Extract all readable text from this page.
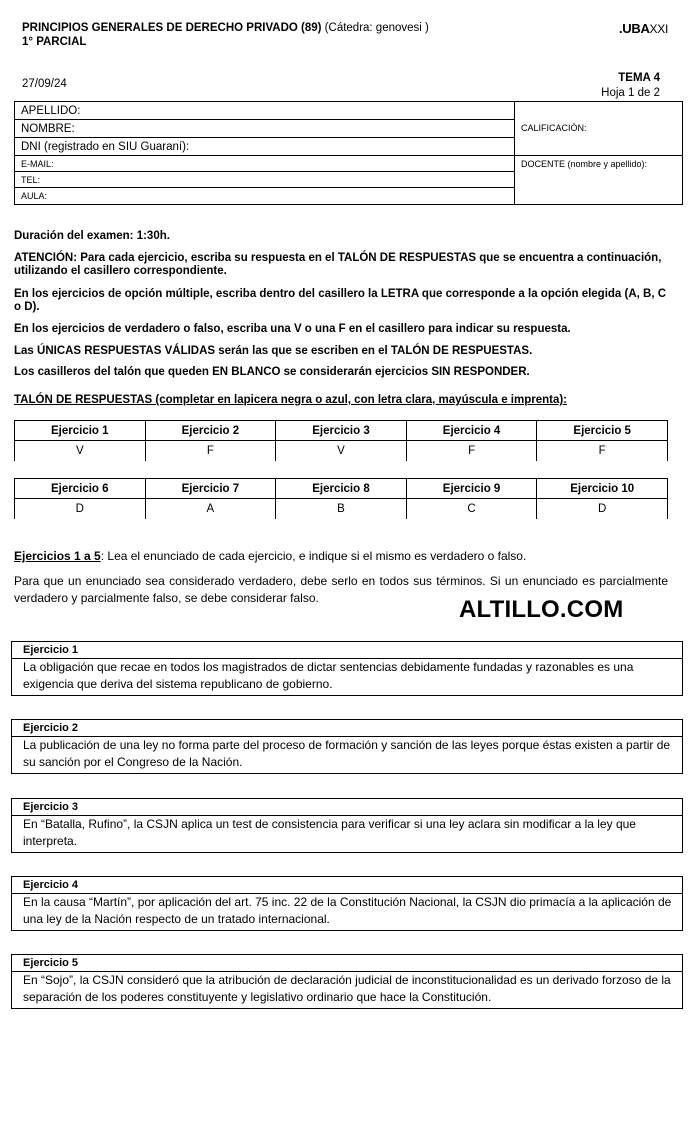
PRINCIPIOS GENERALES DE DERECHO PRIVADO (89) (Cátedra: genovesi )
1° PARCIAL
.UBAXXI
27/09/24	TEMA 4
Hoja 1 de 2
APELLIDO:
NOMBRE:
DNI (registrado en SIU Guaraní):
E-MAIL:
TEL:
AULA:
CALIFICACIÓN:
DOCENTE (nombre y apellido):
Duración del examen: 1:30h.
ATENCIÓN: Para cada ejercicio, escriba su respuesta en el TALÓN DE RESPUESTAS que se encuentra a continuación, utilizando el casillero correspondiente.
En los ejercicios de opción múltiple, escriba dentro del casillero la LETRA que corresponde a la opción elegida (A, B, C o D).
En los ejercicios de verdadero o falso, escriba una V o una F en el casillero para indicar su respuesta.
Las ÚNICAS RESPUESTAS VÁLIDAS serán las que se escriben en el TALÓN DE RESPUESTAS.
Los casilleros del talón que queden EN BLANCO se considerarán ejercicios SIN RESPONDER.
TALÓN DE RESPUESTAS (completar en lapicera negra o azul, con letra clara, mayúscula e imprenta):
Ejercicio 1	Ejercicio 2	Ejercicio 3	Ejercicio 4	Ejercicio 5
V	F	V	F	F
Ejercicio 6	Ejercicio 7	Ejercicio 8	Ejercicio 9	Ejercicio 10
D	A	B	C	D
Ejercicios 1 a 5: Lea el enunciado de cada ejercicio, e indique si el mismo es verdadero o falso.
Para que un enunciado sea considerado verdadero, debe serlo en todos sus términos. Si un enunciado es parcialmente verdadero y parcialmente falso, se debe considerar falso.	ALTILLO.COM
Ejercicio 1
La obligación que recae en todos los magistrados de dictar sentencias debidamente fundadas y razonables es una exigencia que deriva del sistema republicano de gobierno.
Ejercicio 2
La publicación de una ley no forma parte del proceso de formación y sanción de las leyes porque éstas existen a partir de su sanción por el Congreso de la Nación.
Ejercicio 3
En “Batalla, Rufino”, la CSJN aplica un test de consistencia para verificar si una ley aclara sin modificar a la ley que interpreta.
Ejercicio 4
En la causa “Martín”, por aplicación del art. 75 inc. 22 de la Constitución Nacional, la CSJN dio primacía a la aplicación de una ley de la Nación respecto de un tratado internacional.
Ejercicio 5
En “Sojo”, la CSJN consideró que la atribución de declaración judicial de inconstitucionalidad es un derivado forzoso de la separación de los poderes constituyente y legislativo ordinario que hace la Constitución.
